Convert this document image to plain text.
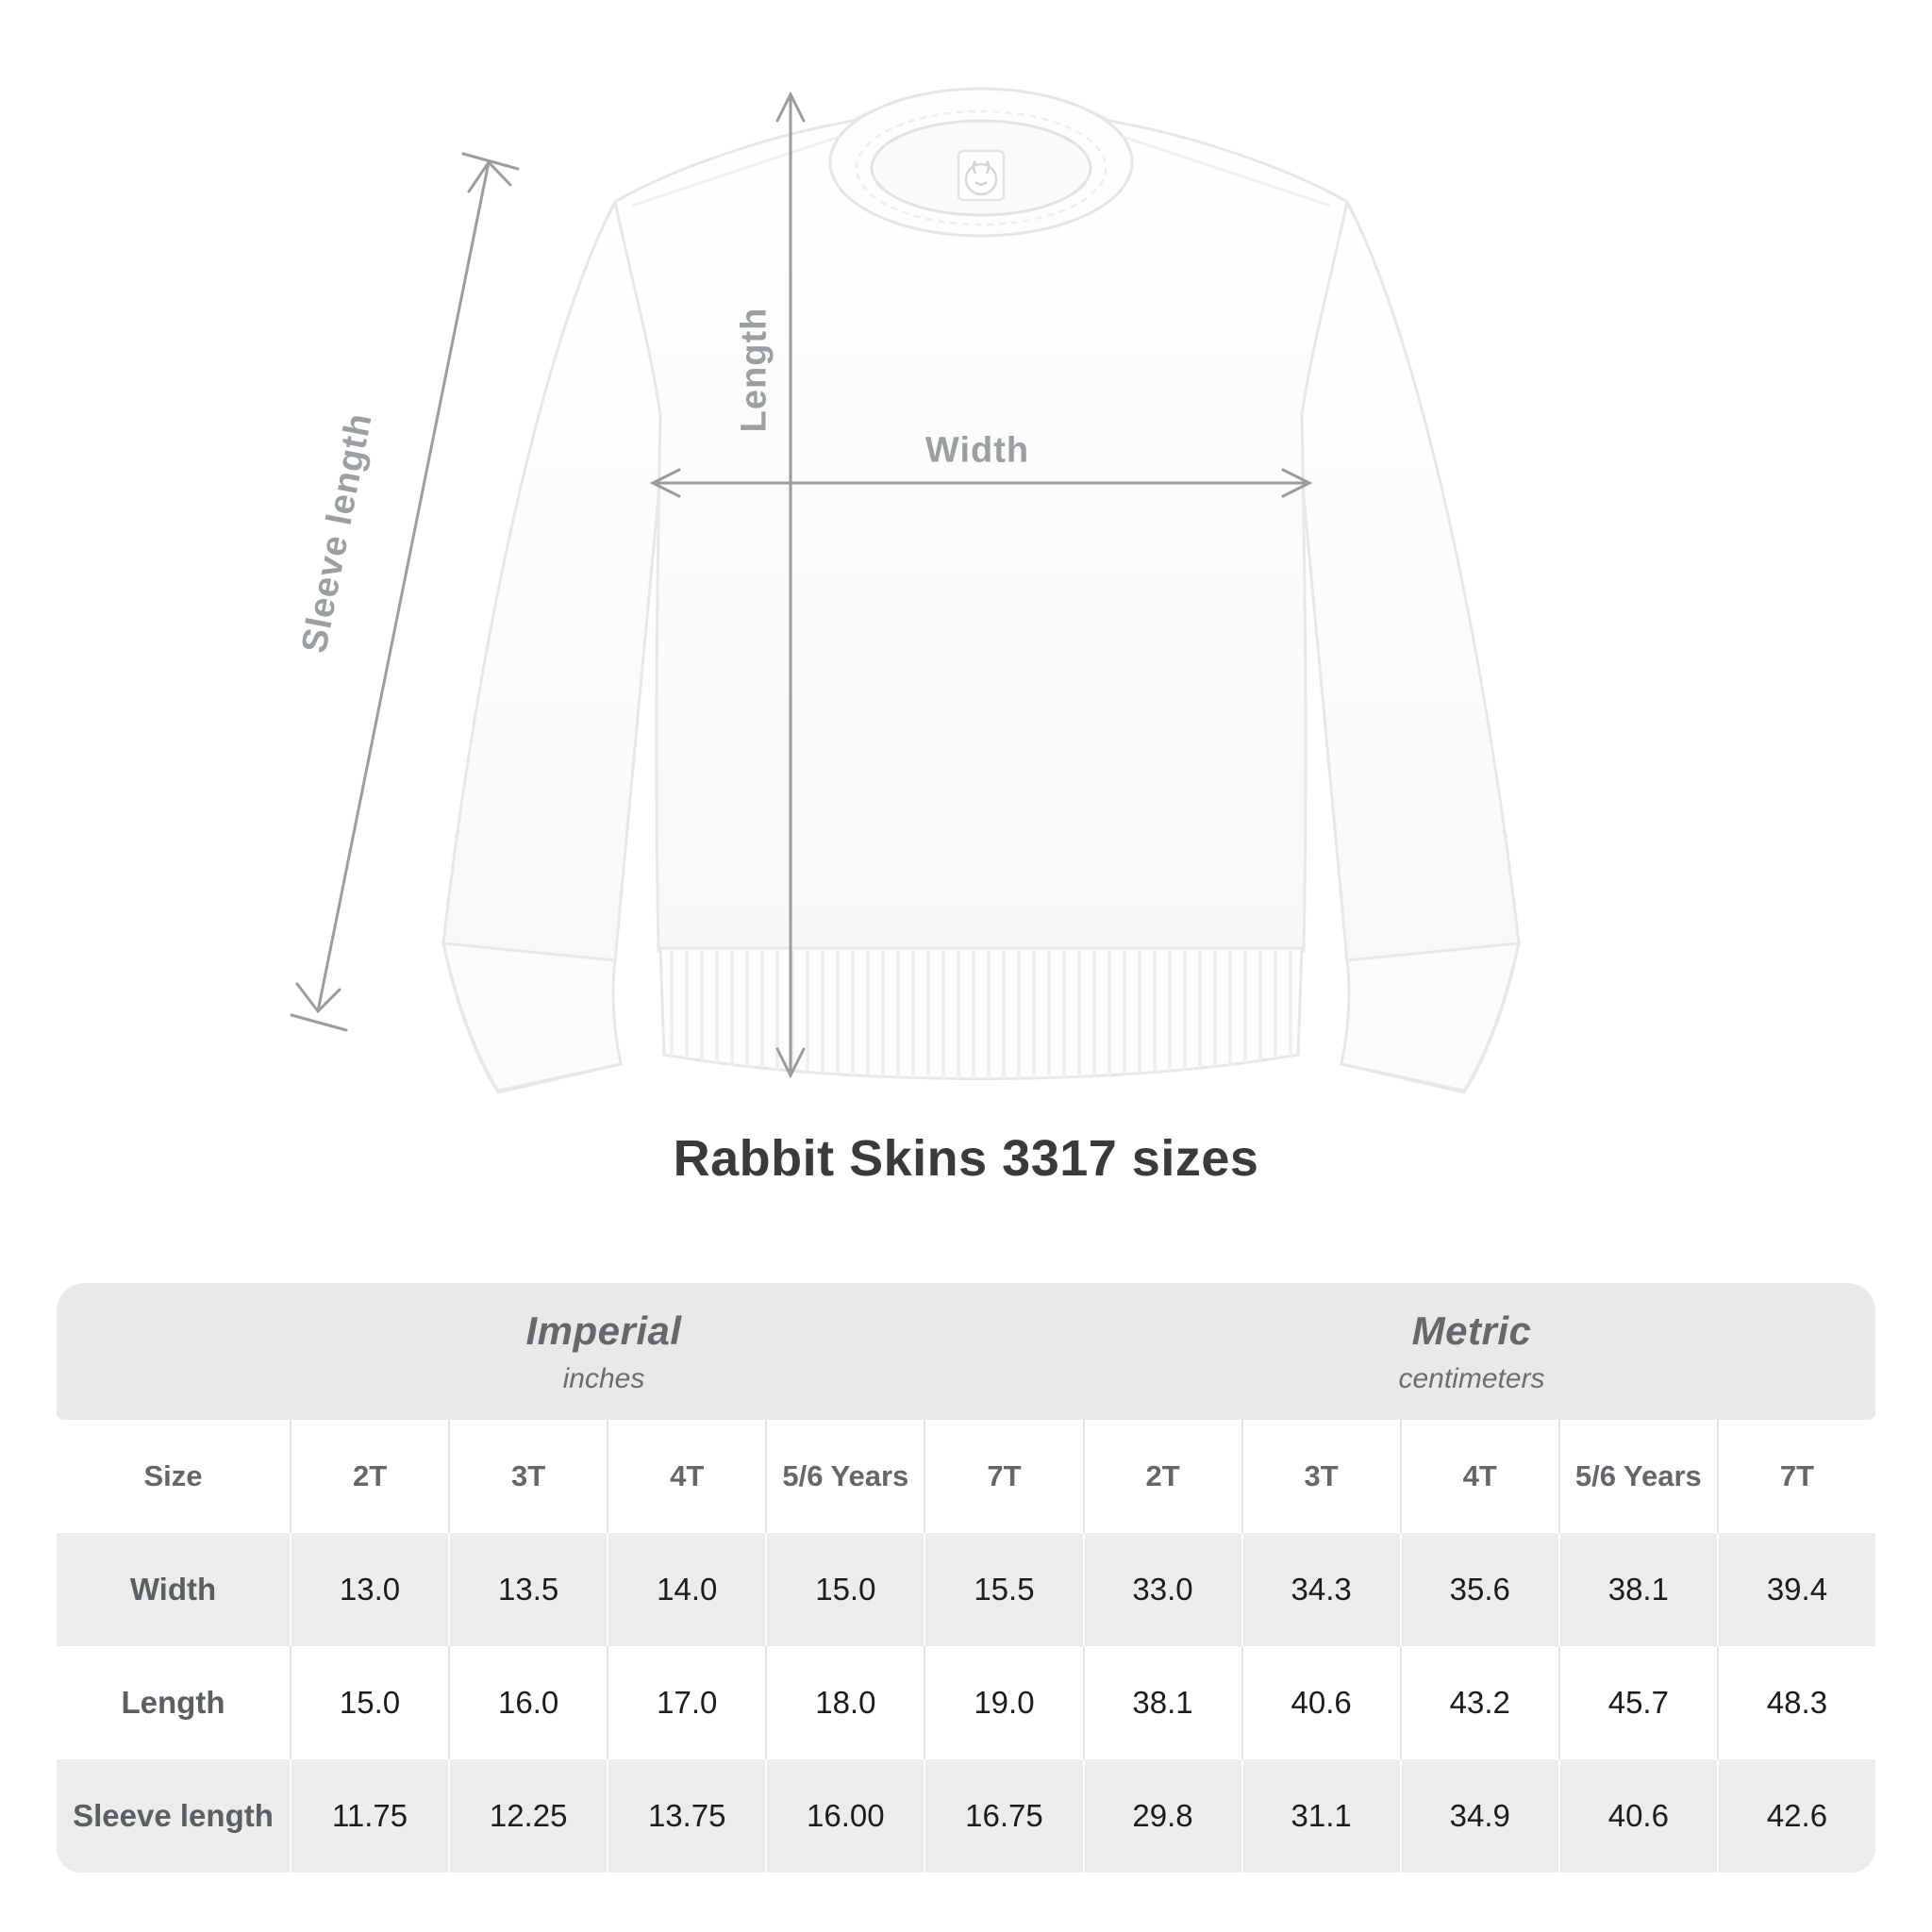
Length
Width
Sleeve length
Rabbit Skins 3317 sizes
Imperial
inches
Metric
centimeters
Size	2T	3T	4T	5/6 Years	7T	2T	3T	4T	5/6 Years	7T
Width	13.0	13.5	14.0	15.0	15.5	33.0	34.3	35.6	38.1	39.4
Length	15.0	16.0	17.0	18.0	19.0	38.1	40.6	43.2	45.7	48.3
Sleeve length	11.75	12.25	13.75	16.00	16.75	29.8	31.1	34.9	40.6	42.6
